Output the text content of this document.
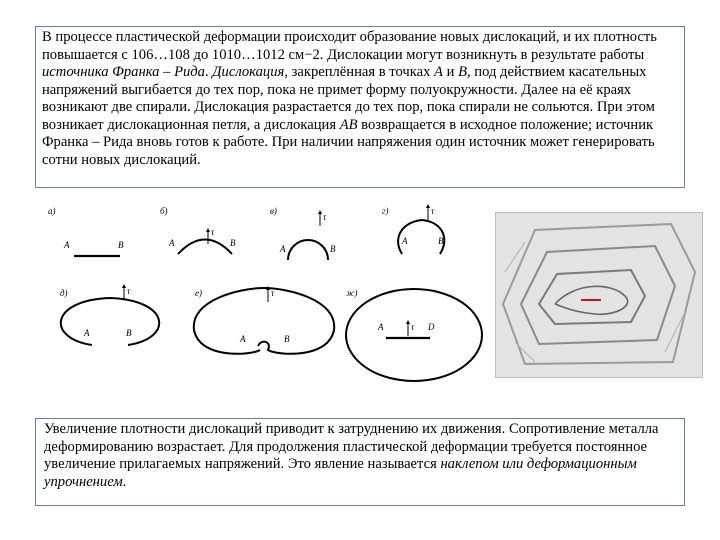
В процессе пластической деформации происходит образование новых дислокаций, и их плотность повышается с 106…108 до 1010…1012 см−2. Дислокации могут возникнуть в результате работы источника Франка – Рида. Дислокация, закреплённая в точках А и В, под действием касательных напряжений выгибается до тех пор, пока не примет форму полуокружности. Далее на её краях возникают две спирали. Дислокация разрастается до тех пор, пока спирали не сольются. При этом возникает дислокационная петля, а дислокация АВ возвращается в исходное положение; источник Франка – Рида вновь готов к работе. При наличии напряжения один источник может генерировать сотни новых дислокаций.

а)
А	В
б)
τ
А	В
в)
τ
А	В
г)	τ
А	В
д)	τ
А	В
е)	τ
А	В
ж)
τ
А	D

Увеличение плотности дислокаций приводит к затруднению их движения. Сопротивление металла деформированию возрастает. Для продолжения пластической деформации требуется постоянное увеличение прилагаемых напряжений. Это явление называется наклепом или деформационным упрочнением.
